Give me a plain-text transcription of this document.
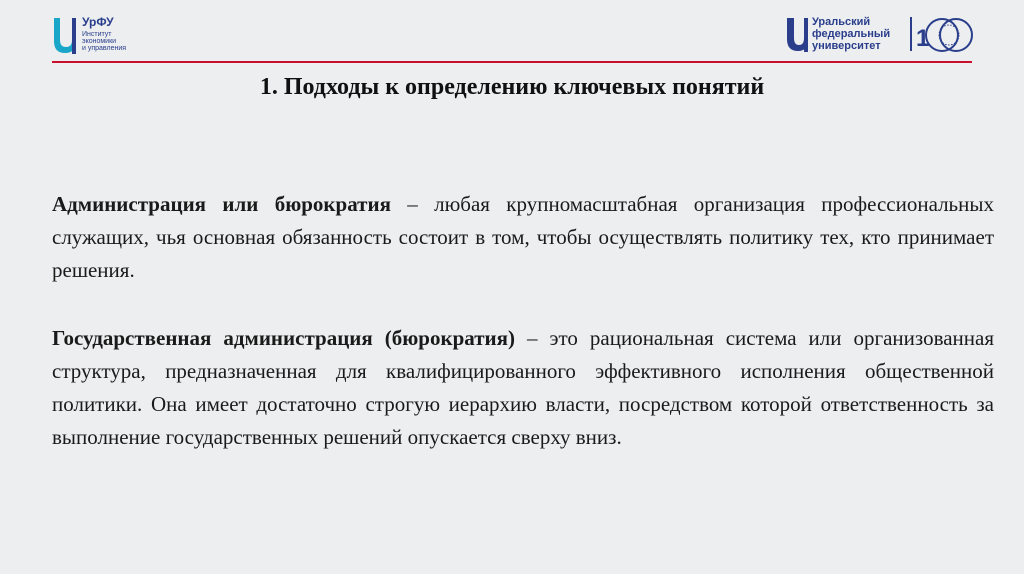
УрФУ
Институт
экономики
и управления
Уральский
федеральный
университет 1
1. Подходы к определению ключевых понятий

Администрация или бюрократия – любая крупномасштабная организация профессиональных служащих, чья основная обязанность состоит в том, чтобы осуществлять политику тех, кто принимает решения.

Государственная администрация (бюрократия) – это рациональная система или организованная структура, предназначенная для квалифицированного эффективного исполнения общественной политики. Она имеет достаточно строгую иерархию власти, посредством которой ответственность за выполнение государственных решений опускается сверху вниз.
